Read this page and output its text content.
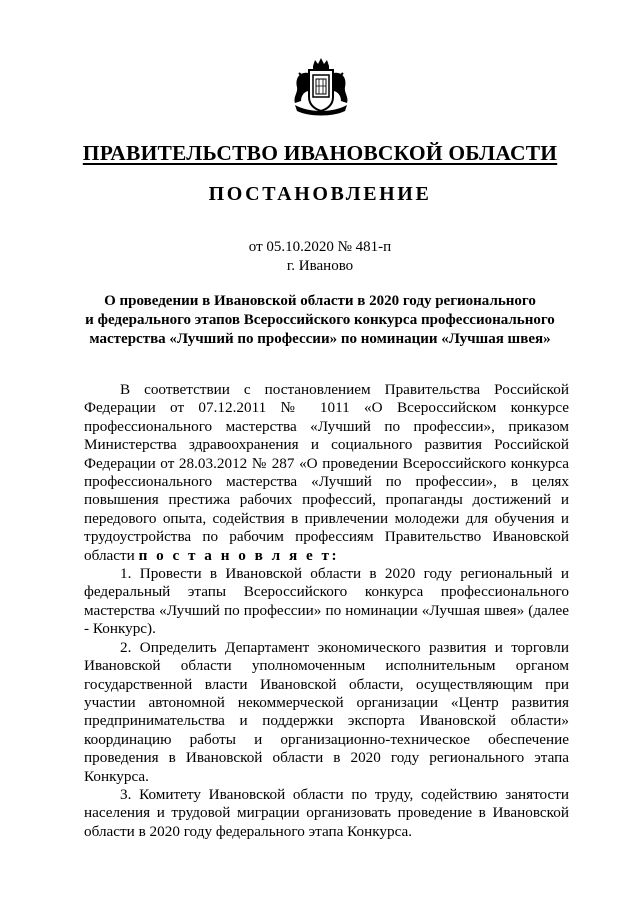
ПРАВИТЕЛЬСТВО ИВАНОВСКОЙ ОБЛАСТИ
ПОСТАНОВЛЕНИЕ
от 05.10.2020 № 481-п
г. Иваново
О проведении в Ивановской области в 2020 году регионального
и федерального этапов Всероссийского конкурса профессионального
мастерства «Лучший по профессии» по номинации «Лучшая швея»

В соответствии с постановлением Правительства Российской Федерации от 07.12.2011 № 1011 «О Всероссийском конкурсе профессионального мастерства «Лучший по профессии», приказом Министерства здравоохранения и социального развития Российской Федерации от 28.03.2012 № 287 «О проведении Всероссийского конкурса профессионального мастерства «Лучший по профессии», в целях повышения престижа рабочих профессий, пропаганды достижений и передового опыта, содействия в привлечении молодежи для обучения и трудоустройства по рабочим профессиям Правительство Ивановской области п о с т а н о в л я е т:

1. Провести в Ивановской области в 2020 году региональный и федеральный этапы Всероссийского конкурса профессионального мастерства «Лучший по профессии» по номинации «Лучшая швея» (далее - Конкурс).

2. Определить Департамент экономического развития и торговли Ивановской области уполномоченным исполнительным органом государственной власти Ивановской области, осуществляющим при участии автономной некоммерческой организации «Центр развития предпринимательства и поддержки экспорта Ивановской области» координацию работы и организационно-техническое обеспечение проведения в Ивановской области в 2020 году регионального этапа Конкурса.

3. Комитету Ивановской области по труду, содействию занятости населения и трудовой миграции организовать проведение в Ивановской области в 2020 году федерального этапа Конкурса.
